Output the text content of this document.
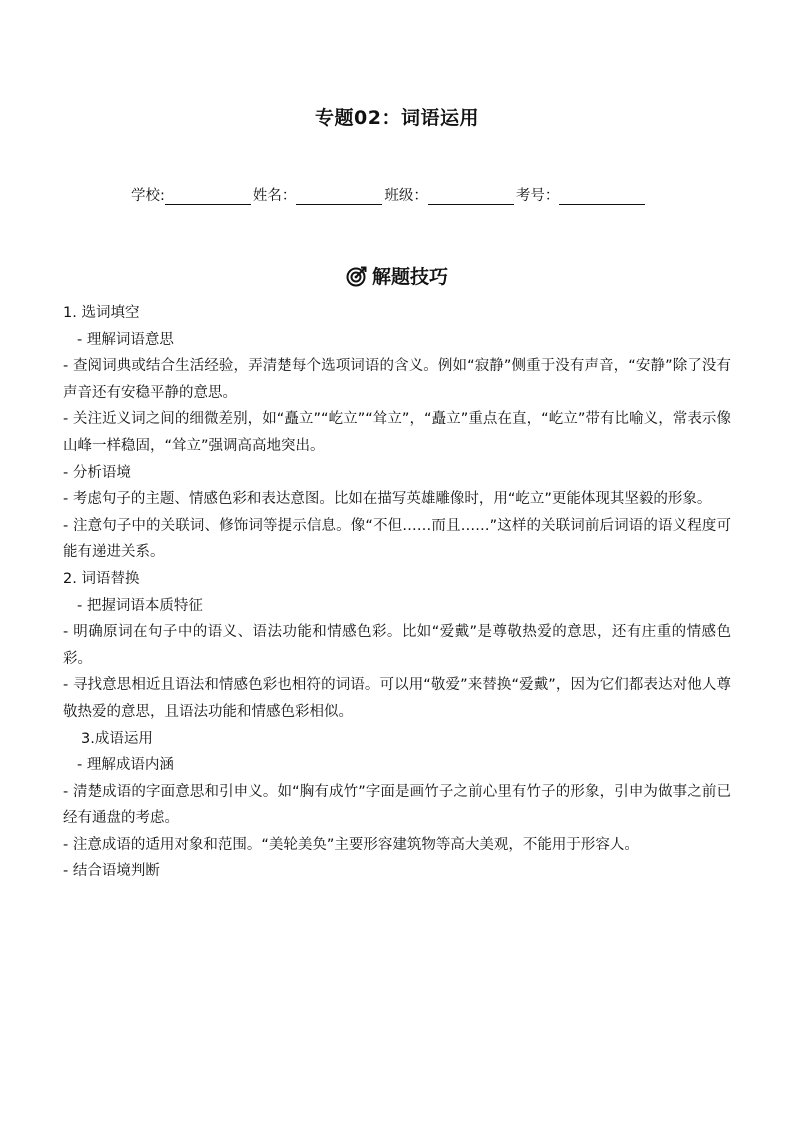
专题02：词语运用
学校:	姓名：	班级：	考号：
解题技巧

1. 选词填空

- 理解词语意思

- 查阅词典或结合生活经验，弄清楚每个选项词语的含义。例如“寂静”侧重于没有声音，“安静”除了没有声音还有安稳平静的意思。

- 关注近义词之间的细微差别，如“矗立”“屹立”“耸立”，“矗立”重点在直，“屹立”带有比喻义，常表示像山峰一样稳固，“耸立”强调高高地突出。

- 分析语境

- 考虑句子的主题、情感色彩和表达意图。比如在描写英雄雕像时，用“屹立”更能体现其坚毅的形象。

- 注意句子中的关联词、修饰词等提示信息。像“不但……而且……”这样的关联词前后词语的语义程度可能有递进关系。

2. 词语替换

- 把握词语本质特征

- 明确原词在句子中的语义、语法功能和情感色彩。比如“爱戴”是尊敬热爱的意思，还有庄重的情感色彩。

- 寻找意思相近且语法和情感色彩也相符的词语。可以用“敬爱”来替换“爱戴”，因为它们都表达对他人尊敬热爱的意思，且语法功能和情感色彩相似。

3.成语运用

- 理解成语内涵

- 清楚成语的字面意思和引申义。如“胸有成竹”字面是画竹子之前心里有竹子的形象，引申为做事之前已经有通盘的考虑。

- 注意成语的适用对象和范围。“美轮美奂”主要形容建筑物等高大美观，不能用于形容人。

- 结合语境判断
